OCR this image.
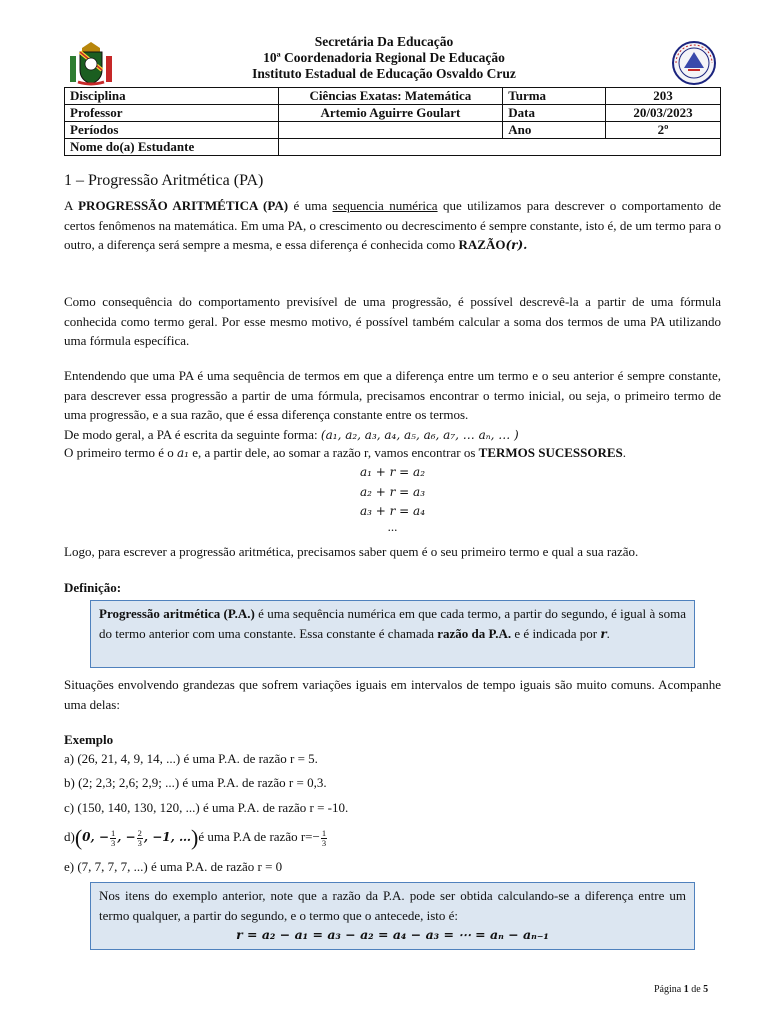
Secretária Da Educação
10ª Coordenadoria Regional De Educação
Instituto Estadual de Educação Osvaldo Cruz
Disciplina	Ciências Exatas: Matemática	Turma	203
Professor	Artemio Aguirre Goulart	Data	20/03/2023
Períodos		Ano	2º
Nome do(a) Estudante			
1 – Progressão Aritmética (PA)
A PROGRESSÃO ARITMÉTICA (PA) é uma sequencia numérica que utilizamos para descrever o comportamento de certos fenômenos na matemática. Em uma PA, o crescimento ou decrescimento é sempre constante, isto é, de um termo para o outro, a diferença será sempre a mesma, e essa diferença é conhecida como RAZÃO(r).
Como consequência do comportamento previsível de uma progressão, é possível descrevê-la a partir de uma fórmula conhecida como termo geral. Por esse mesmo motivo, é possível também calcular a soma dos termos de uma PA utilizando uma fórmula específica.
Entendendo que uma PA é uma sequência de termos em que a diferença entre um termo e o seu anterior é sempre constante, para descrever essa progressão a partir de uma fórmula, precisamos encontrar o termo inicial, ou seja, o primeiro termo de uma progressão, e a sua razão, que é essa diferença constante entre os termos.
De modo geral, a PA é escrita da seguinte forma: (a₁, a₂, a₃, a₄, a₅, a₆, a₇, … aₙ, … )
O primeiro termo é o a₁ e, a partir dele, ao somar a razão r, vamos encontrar os TERMOS SUCESSORES.
a₁ + r = a₂
a₂ + r = a₃
a₃ + r = a₄
...
Logo, para escrever a progressão aritmética, precisamos saber quem é o seu primeiro termo e qual a sua razão.
Definição:
Progressão aritmética (P.A.) é uma sequência numérica em que cada termo, a partir do segundo, é igual à soma do termo anterior com uma constante. Essa constante é chamada razão da P.A. e é indicada por r.
Situações envolvendo grandezas que sofrem variações iguais em intervalos de tempo iguais são muito comuns. Acompanhe uma delas:
Exemplo
a) (26, 21, 4, 9, 14, ...) é uma P.A. de razão r = 5.
b) (2; 2,3; 2,6; 2,9; ...) é uma P.A. de razão r = 0,3.
c) (150, 140, 130, 120, ...) é uma P.A. de razão r = -10.
d)(0, − $\frac{1}{3}$ , − $\frac{2}{3}$ , −1, …)é uma P.A de razão $r=- \frac{1}{3}$
e) (7, 7, 7, 7, ...) é uma P.A. de razão r = 0
Nos itens do exemplo anterior, note que a razão da P.A. pode ser obtida calculando-se a diferença entre um termo qualquer, a partir do segundo, e o termo que o antecede, isto é:
r = a₂ − a₁ = a₃ − a₂ = a₄ − a₃ = ⋯ = aₙ − aₙ₋₁
Página 1 de 5
